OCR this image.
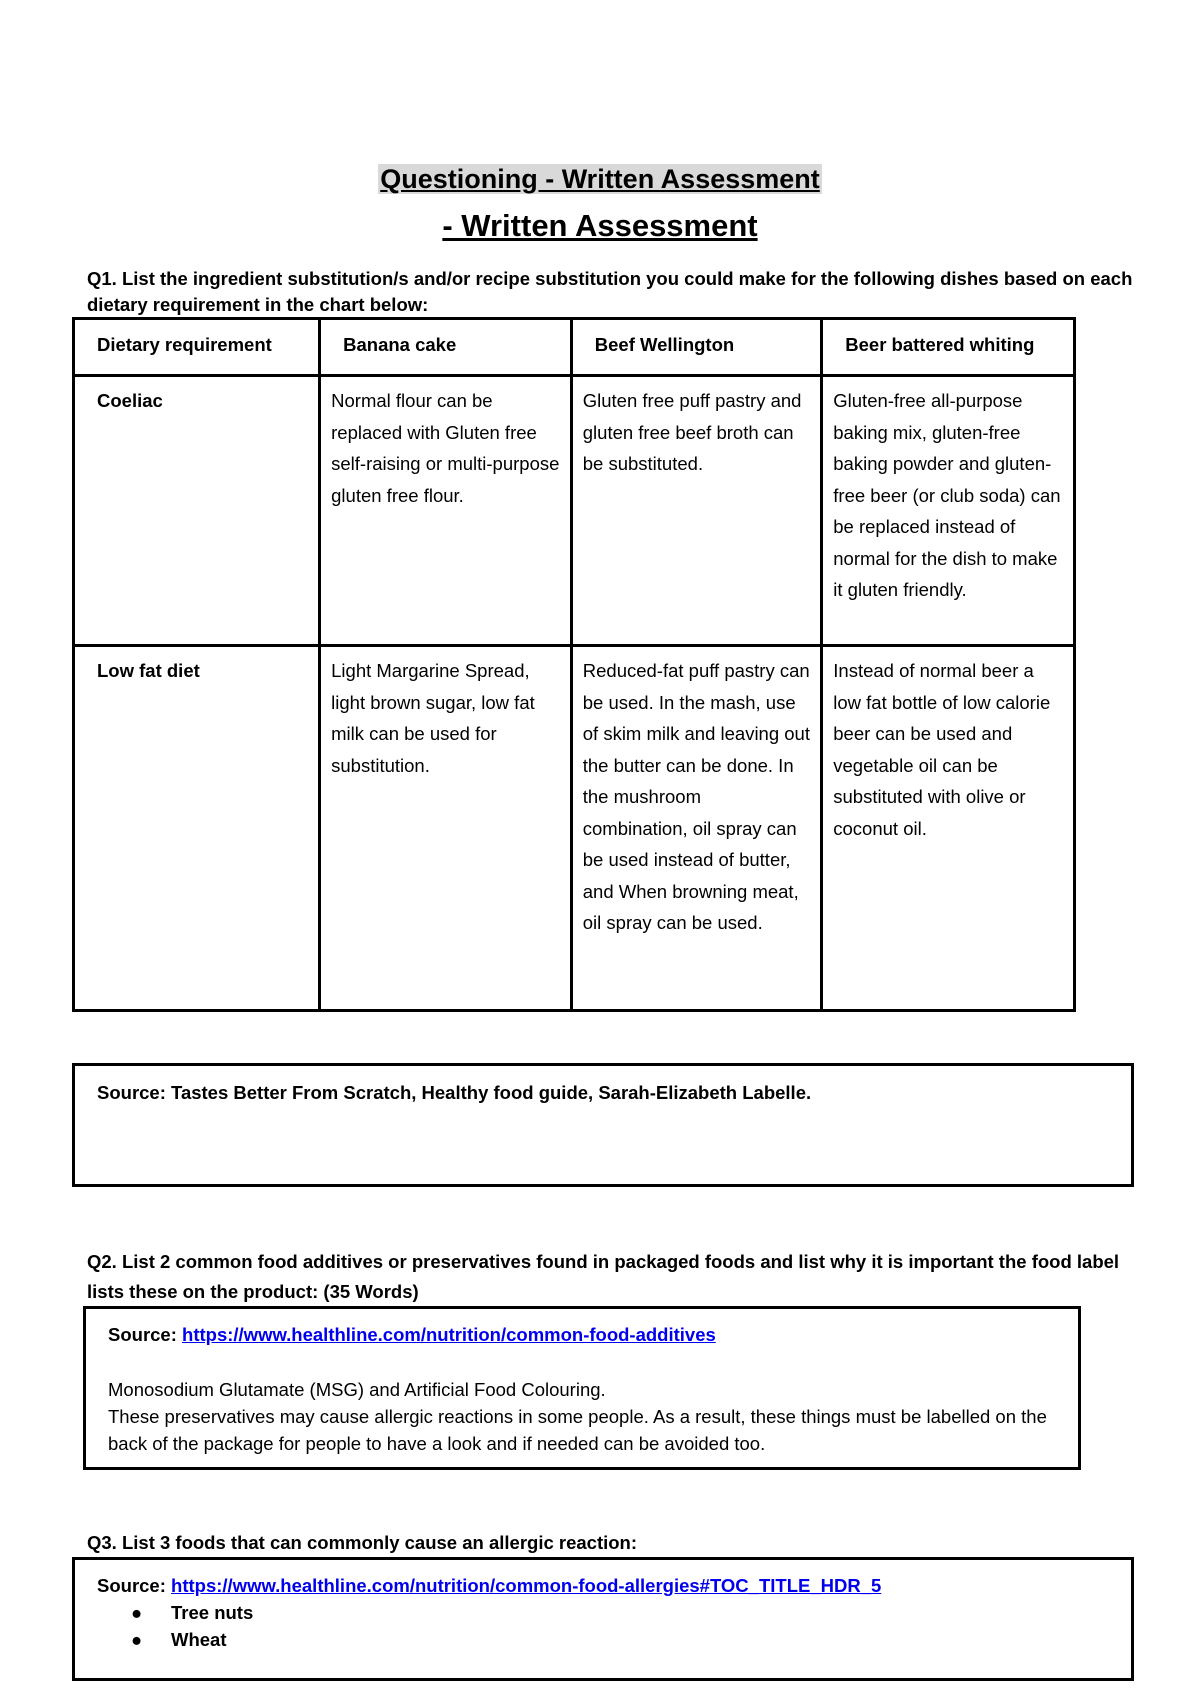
Questioning - Written Assessment
- Written Assessment
Q1. List the ingredient substitution/s and/or recipe substitution you could make for the following dishes based on each dietary requirement in the chart below:
Dietary requirement	Banana cake	Beef Wellington	Beer battered whiting
Coeliac	Normal flour can be replaced with Gluten free self-raising or multi-purpose gluten free flour.	Gluten free puff pastry and gluten free beef broth can be substituted.	Gluten-free all-purpose baking mix, gluten-free baking powder and gluten-free beer (or club soda) can be replaced instead of normal for the dish to make it gluten friendly.
Low fat diet	Light Margarine Spread, light brown sugar, low fat milk can be used for substitution.	Reduced-fat puff pastry can be used. In the mash, use of skim milk and leaving out the butter can be done. In the mushroom combination, oil spray can be used instead of butter, and When browning meat, oil spray can be used.	Instead of normal beer a low fat bottle of low calorie beer can be used and vegetable oil can be substituted with olive or coconut oil.
Source: Tastes Better From Scratch, Healthy food guide, Sarah-Elizabeth Labelle.
Q2. List 2 common food additives or preservatives found in packaged foods and list why it is important the food label lists these on the product: (35 Words)
Source: https://www.healthline.com/nutrition/common-food-additives
Monosodium Glutamate (MSG) and Artificial Food Colouring.
These preservatives may cause allergic reactions in some people. As a result, these things must be labelled on the back of the package for people to have a look and if needed can be avoided too.
Q3. List 3 foods that can commonly cause an allergic reaction:
Source: https://www.healthline.com/nutrition/common-food-allergies#TOC_TITLE_HDR_5
● Tree nuts
● Wheat
